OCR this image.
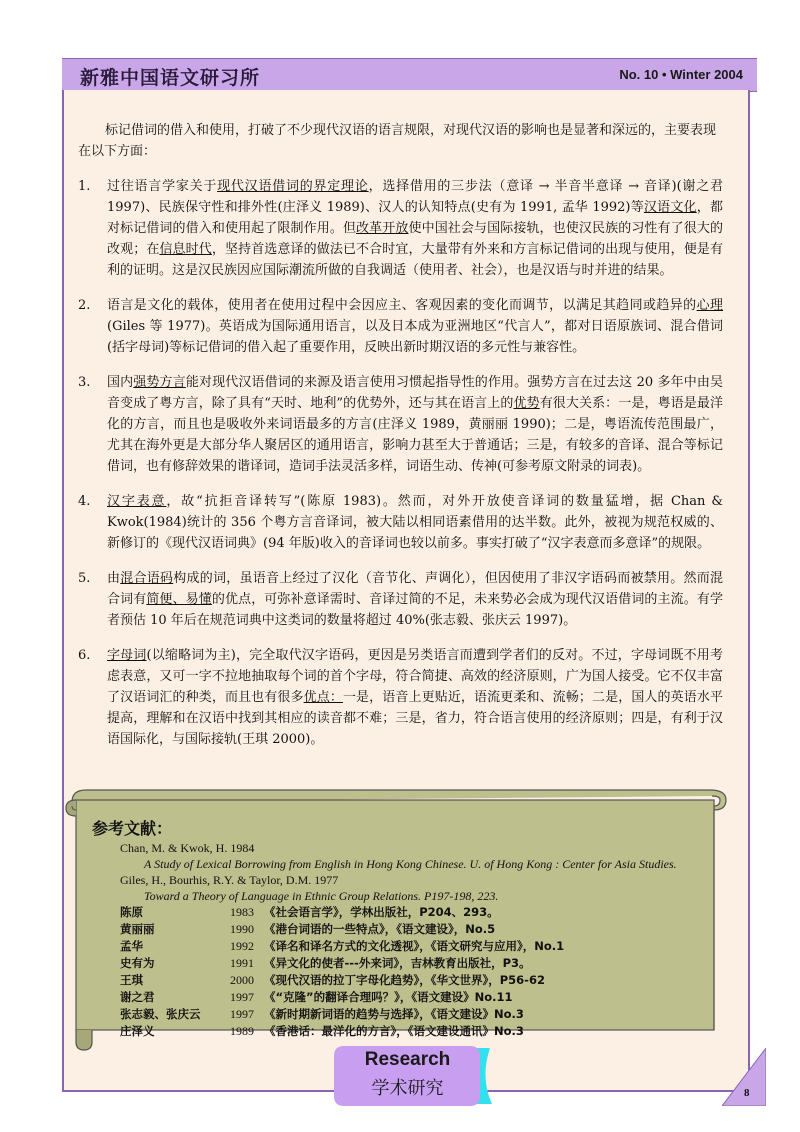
新雅中国语文研习所	No. 10 • Winter 2004

标记借词的借入和使用，打破了不少现代汉语的语言规限，对现代汉语的影响也是显著和深远的，主要表现在以下方面：

1. 过往语言学家关于现代汉语借词的界定理论，选择借用的三步法（意译 → 半音半意译 → 音译)(谢之君 1997)、民族保守性和排外性(庄泽义 1989)、汉人的认知特点(史有为 1991, 孟华 1992)等汉语文化，都对标记借词的借入和使用起了限制作用。但改革开放使中国社会与国际接轨，也使汉民族的习性有了很大的改观；在信息时代，坚持首选意译的做法已不合时宜，大量带有外来和方言标记借词的出现与使用，便是有利的证明。这是汉民族因应国际潮流所做的自我调适（使用者、社会），也是汉语与时并进的结果。
2. 语言是文化的载体，使用者在使用过程中会因应主、客观因素的变化而调节，以满足其趋同或趋异的心理(Giles 等 1977)。英语成为国际通用语言，以及日本成为亚洲地区“代言人”，都对日语原族词、混合借词(括字母词)等标记借词的借入起了重要作用，反映出新时期汉语的多元性与兼容性。
3. 国内强势方言能对现代汉语借词的来源及语言使用习惯起指导性的作用。强势方言在过去这 20 多年中由吴音变成了粤方言，除了具有“天时、地利”的优势外，还与其在语言上的优势有很大关系：一是，粤语是最洋化的方言，而且也是吸收外来词语最多的方言(庄泽义 1989，黄丽丽 1990)；二是，粤语流传范围最广，尤其在海外更是大部分华人聚居区的通用语言，影响力甚至大于普通话；三是，有较多的音译、混合等标记借词，也有修辞效果的谐译词，造词手法灵活多样，词语生动、传神(可参考原文附录的词表)。
4. 汉字表意，故“抗拒音译转写”(陈原 1983)。然而，对外开放使音译词的数量猛增，据 Chan & Kwok(1984)统计的 356 个粤方言音译词，被大陆以相同语素借用的达半数。此外，被视为规范权威的、新修订的《现代汉语词典》(94 年版)收入的音译词也较以前多。事实打破了“汉字表意而多意译”的规限。
5. 由混合语码构成的词，虽语音上经过了汉化（音节化、声调化），但因使用了非汉字语码而被禁用。然而混合词有简便、易懂的优点，可弥补意译需时、音译过简的不足，未来势必会成为现代汉语借词的主流。有学者预估 10 年后在规范词典中这类词的数量将超过 40%(张志毅、张庆云 1997)。
6. 字母词(以缩略词为主)，完全取代汉字语码，更因是另类语言而遭到学者们的反对。不过，字母词既不用考虑表意，又可一字不拉地抽取每个词的首个字母，符合简捷、高效的经济原则，广为国人接受。它不仅丰富了汉语词汇的种类，而且也有很多优点：一是，语音上更贴近，语流更柔和、流畅；二是，国人的英语水平提高，理解和在汉语中找到其相应的读音都不难；三是，省力，符合语言使用的经济原则；四是，有利于汉语国际化，与国际接轨(王琪 2000)。
参考文献：
Chan, M. & Kwok, H. 1984
A Study of Lexical Borrowing from English in Hong Kong Chinese. U. of Hong Kong : Center for Asia Studies.
Giles, H., Bourhis, R.Y. & Taylor, D.M. 1977
Toward a Theory of Language in Ethnic Group Relations. P197-198, 223.
陈原	1983 《社会语言学》，学林出版社，P204、293。
黄丽丽	1990 《港台词语的一些特点》，《语文建设》，No.5
孟华	1992 《译名和译名方式的文化透视》，《语文研究与应用》，No.1
史有为	1991 《异文化的使者---外来词》，吉林教育出版社，P3。
王琪	2000 《现代汉语的拉丁字母化趋势》，《华文世界》，P56-62
谢之君	1997 《“克隆”的翻译合理吗？》，《语文建设》No.11
张志毅、张庆云	1997 《新时期新词语的趋势与选择》，《语文建设》No.3
庄泽义	1989 《香港话：最洋化的方言》，《语文建设通讯》No.3
Research
学术研究	8
